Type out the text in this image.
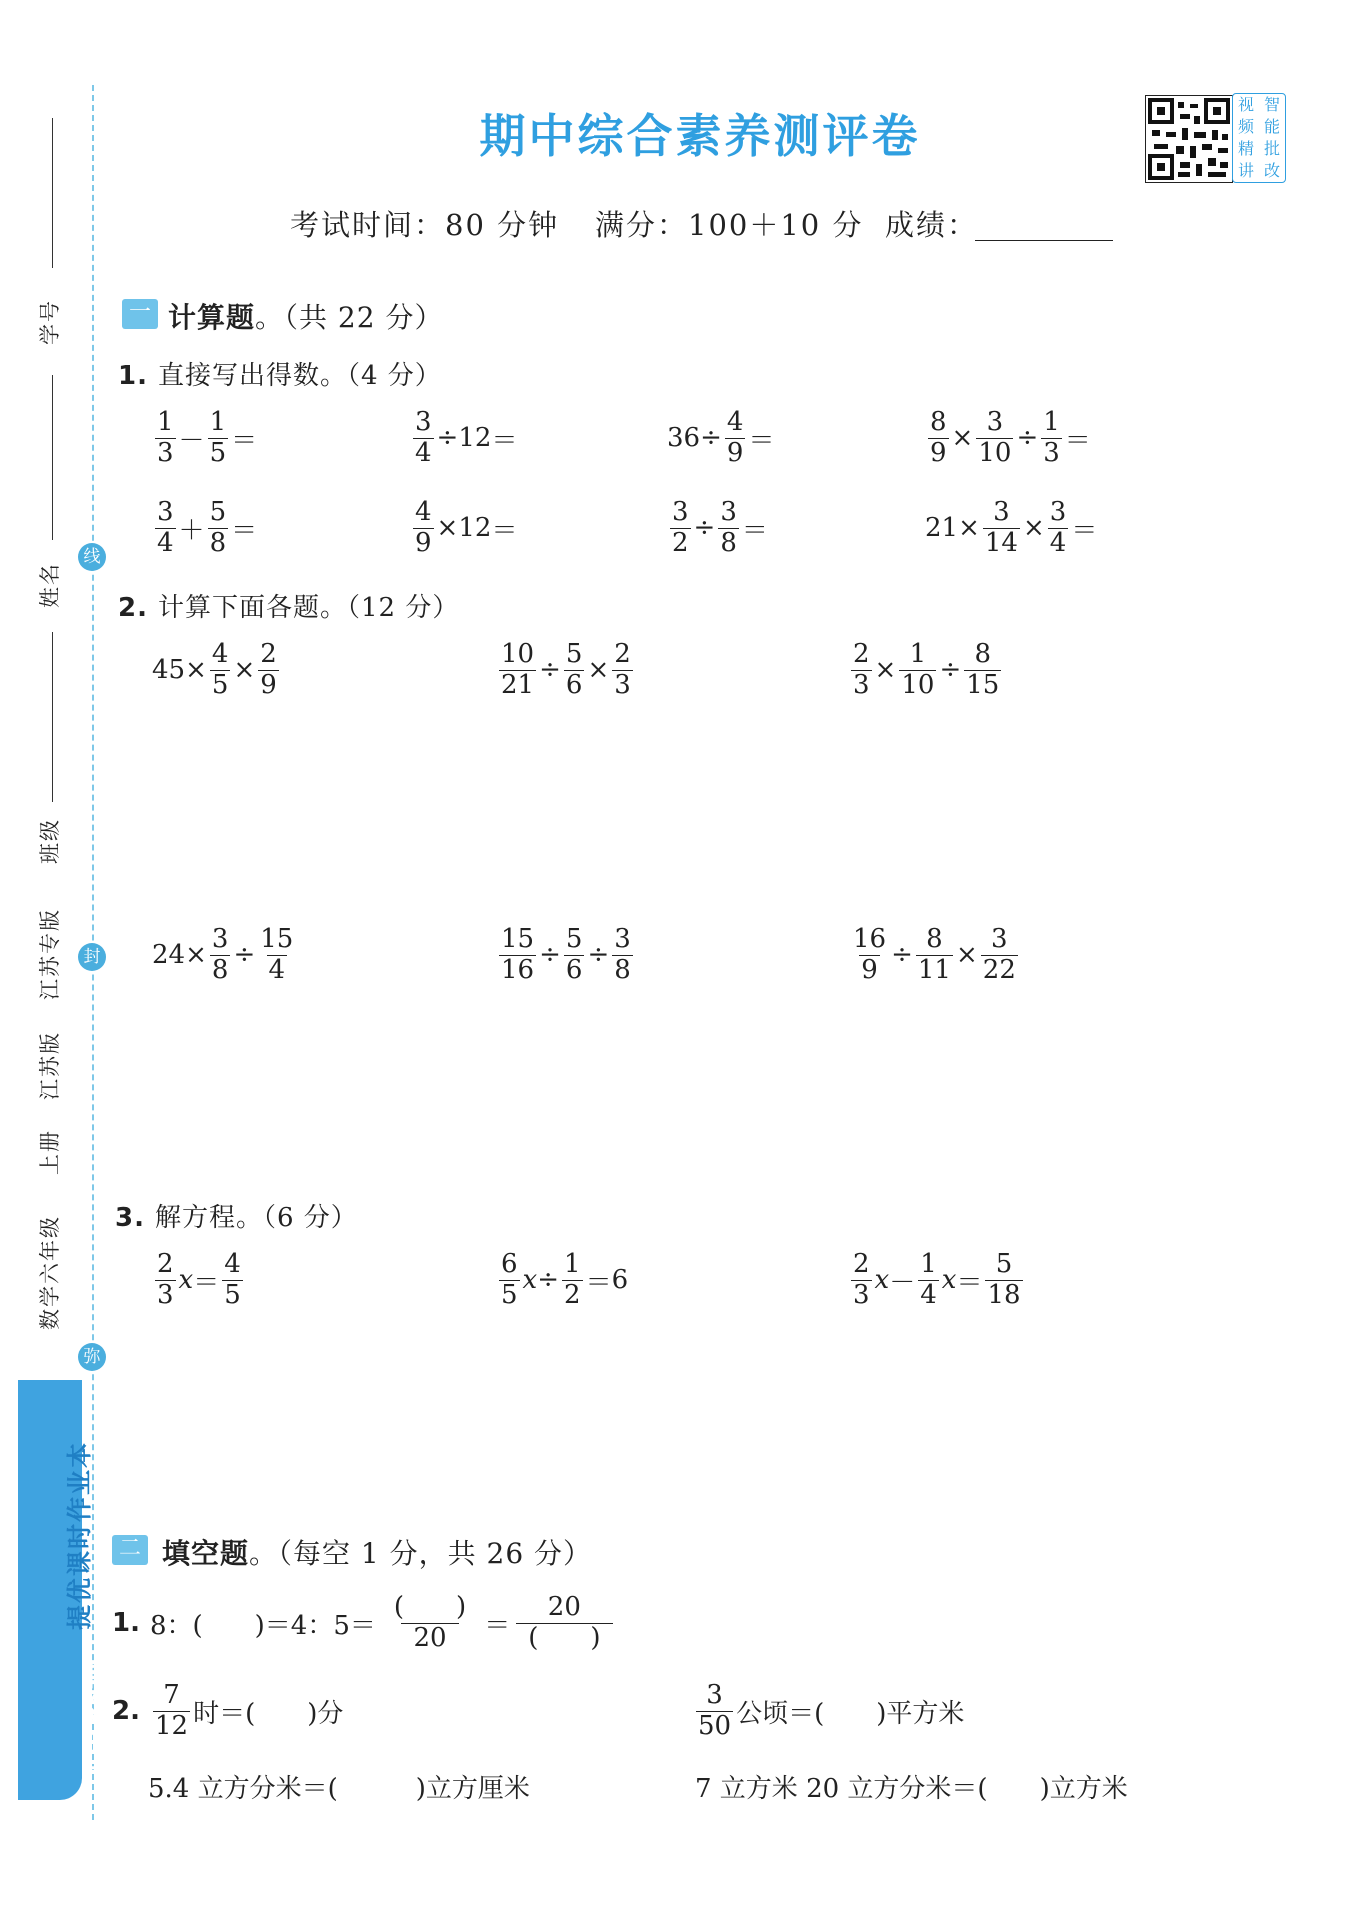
学号
姓名
班级
江苏专版
江苏版
上册
数学六年级
线
封
弥
亮点给力
提优课时作业本
期中综合素养测评卷
视 智
频 能
精 批
讲 改
考试时间：80 分钟 满分：100＋10 分 成绩：
一 计算题。（共 22 分）
1. 直接写出得数。（4 分）
$\frac{1}{3} - \frac{1}{5}$ ＝	$\frac{3}{4} \div 12$ ＝	$36 \div \frac{4}{9}$ ＝	$\frac{8}{9} \times \frac{3}{10} \div \frac{1}{3}$ ＝
$\frac{3}{4} + \frac{5}{8}$ ＝	$\frac{4}{9} \times 12$ ＝	$\frac{3}{2} \div \frac{3}{8}$ ＝	$21 \times \frac{3}{14} \times \frac{3}{4}$ ＝
2. 计算下面各题。（12 分）
$45 \times \frac{4}{5} \times \frac{2}{9}$	$\frac{10}{21} \div \frac{5}{6} \times \frac{2}{3}$	$\frac{2}{3} \times \frac{1}{10} \div \frac{8}{15}$
$24 \times \frac{3}{8} \div \frac{15}{4}$	$\frac{15}{16} \div \frac{5}{6} \div \frac{3}{8}$	$\frac{16}{9} \div \frac{8}{11} \times \frac{3}{22}$
3. 解方程。（6 分）
$\frac{2}{3}$ $x = \frac{4}{5}$	$\frac{6}{5}$ $x \div \frac{1}{2} = 6$	$\frac{2}{3}$ $x - \frac{1}{4}$ $x = \frac{5}{18}$
二 填空题。（每空 1 分，共 26 分）
1. 8：(　　)＝4：$5= \frac{( )}{20} = \frac{20}{( )}$
2. $\frac{7}{12}$ 时＝(　　)分	$\frac{3}{50}$ 公顷＝(　　)平方米
5.4 立方分米＝(　　　)立方厘米	7 立方米 20 立方分米＝(　　)立方米
